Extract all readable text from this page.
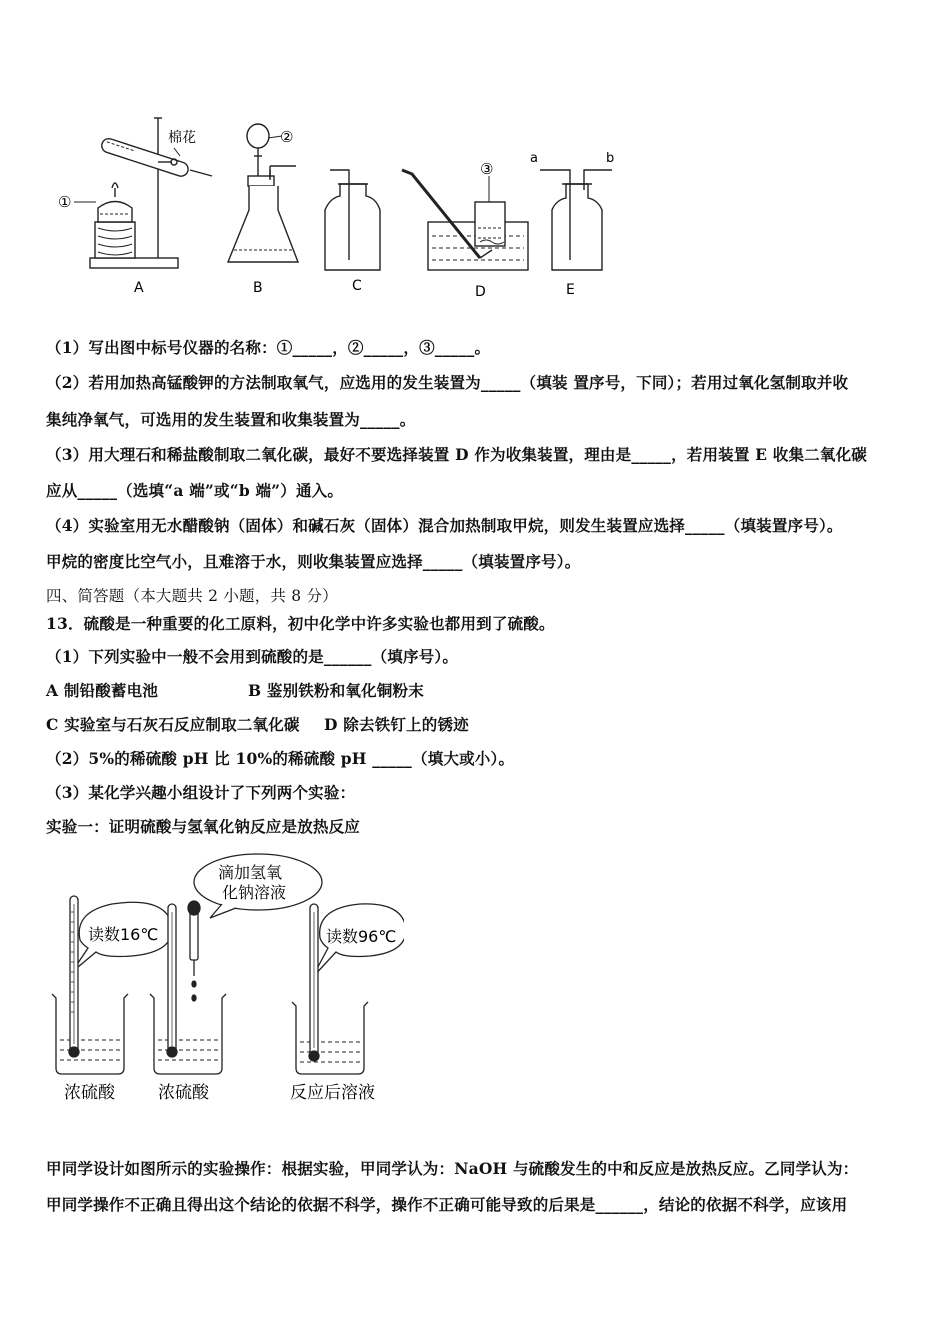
①
棉花	②
③
a	b
A	B	C	D	E
（1）写出图中标号仪器的名称：①_____，②_____，③_____。
（2）若用加热高锰酸钾的方法制取氧气，应选用的发生装置为_____（填装 置序号，下同）；若用过氧化氢制取并收
集纯净氧气，可选用的发生装置和收集装置为_____。
（3）用大理石和稀盐酸制取二氧化碳，最好不要选择装置 D 作为收集装置，理由是_____，若用装置 E 收集二氧化碳
应从_____（选填“a 端”或“b 端”）通入。
（4）实验室用无水醋酸钠（固体）和碱石灰（固体）混合加热制取甲烷，则发生装置应选择_____（填装置序号）。
甲烷的密度比空气小，且难溶于水，则收集装置应选择_____（填装置序号）。
四、简答题（本大题共 2 小题，共 8 分）
13．硫酸是一种重要的化工原料，初中化学中许多实验也都用到了硫酸。
（1）下列实验中一般不会用到硫酸的是______（填序号）。
A 制铅酸蓄电池	B 鉴别铁粉和氧化铜粉末
C 实验室与石灰石反应制取二氧化碳 D 除去铁钉上的锈迹
（2）5%的稀硫酸 pH 比 10%的稀硫酸 pH _____（填大或小）。
（3）某化学兴趣小组设计了下列两个实验：
实验一：证明硫酸与氢氧化钠反应是放热反应
读数16℃
滴加氢氧
化钠溶液
读数96℃
浓硫酸	浓硫酸	反应后溶液
甲同学设计如图所示的实验操作：根据实验，甲同学认为：NaOH 与硫酸发生的中和反应是放热反应。乙同学认为：
甲同学操作不正确且得出这个结论的依据不科学，操作不正确可能导致的后果是______，结论的依据不科学，应该用
